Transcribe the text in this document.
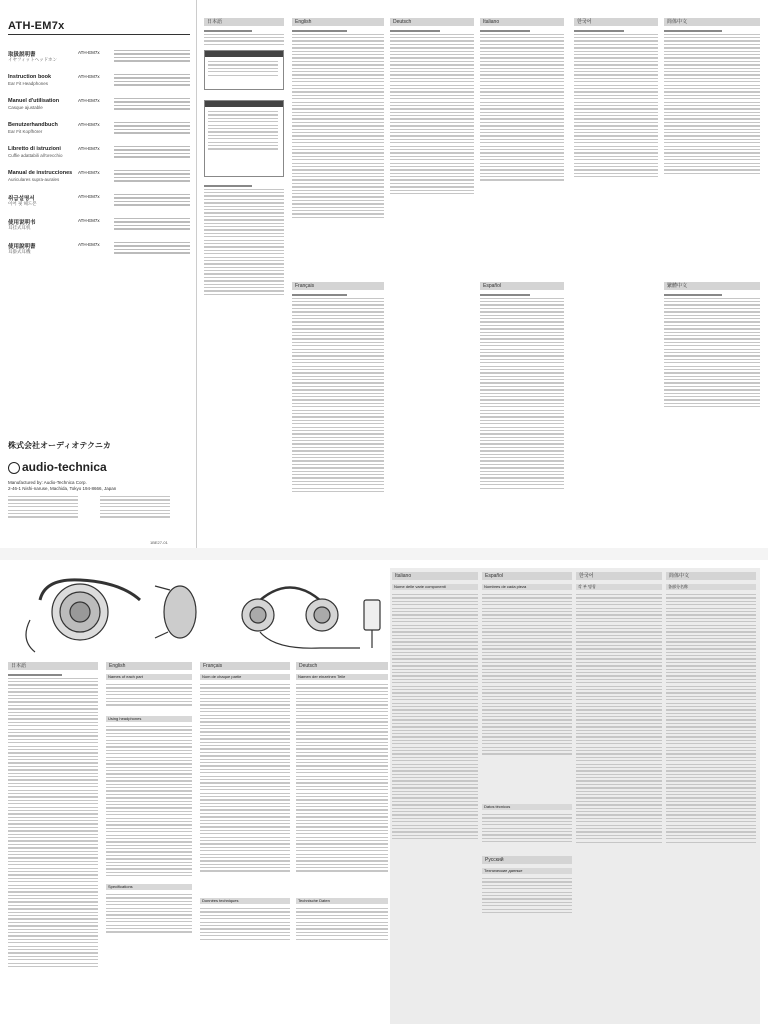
ATH-EM7x
取扱説明書
イヤフィットヘッドホン
ATH-EM7x
Instruction book
Ear Fit Headphones
ATH-EM7x
Manuel d'utilisation
Casque ajustable
ATH-EM7x
Benutzerhandbuch
Ear Fit Kopfhörer
ATH-EM7x
Libretto di istruzioni
Cuffie adattabili all'orecchio
ATH-EM7x
Manual de instrucciones
Auriculares supra-aurales
ATH-EM7x
취급설명서
이어 핏 헤드폰
ATH-EM7x
使用说明书
耳挂式耳机
ATH-EM7x
使用說明書
耳掛式耳機
ATH-EM7x
株式会社オーディオテクニカ
audio-technica
Manufactured by: Audio-Technica Corp.
2-46-1 Nishi-naruse, Machida, Tokyo 194-8666, Japan
1BE27-01
日本語	English
Français
Deutsch	Italiano
Español
한국어	简体中文
繁體中文
日本語	English
Names of each part
Using headphones
Specifications
Français
Nom de chaque partie
Données techniques
Deutsch
Namen der einzelnen Teile
Technische Daten
Italiano
Nome delle varie componenti
Español
Nombres de cada pieza
Datos técnicos
Русский
Технические данные
한국어
각 부 명칭
简体中文
各部分名称
